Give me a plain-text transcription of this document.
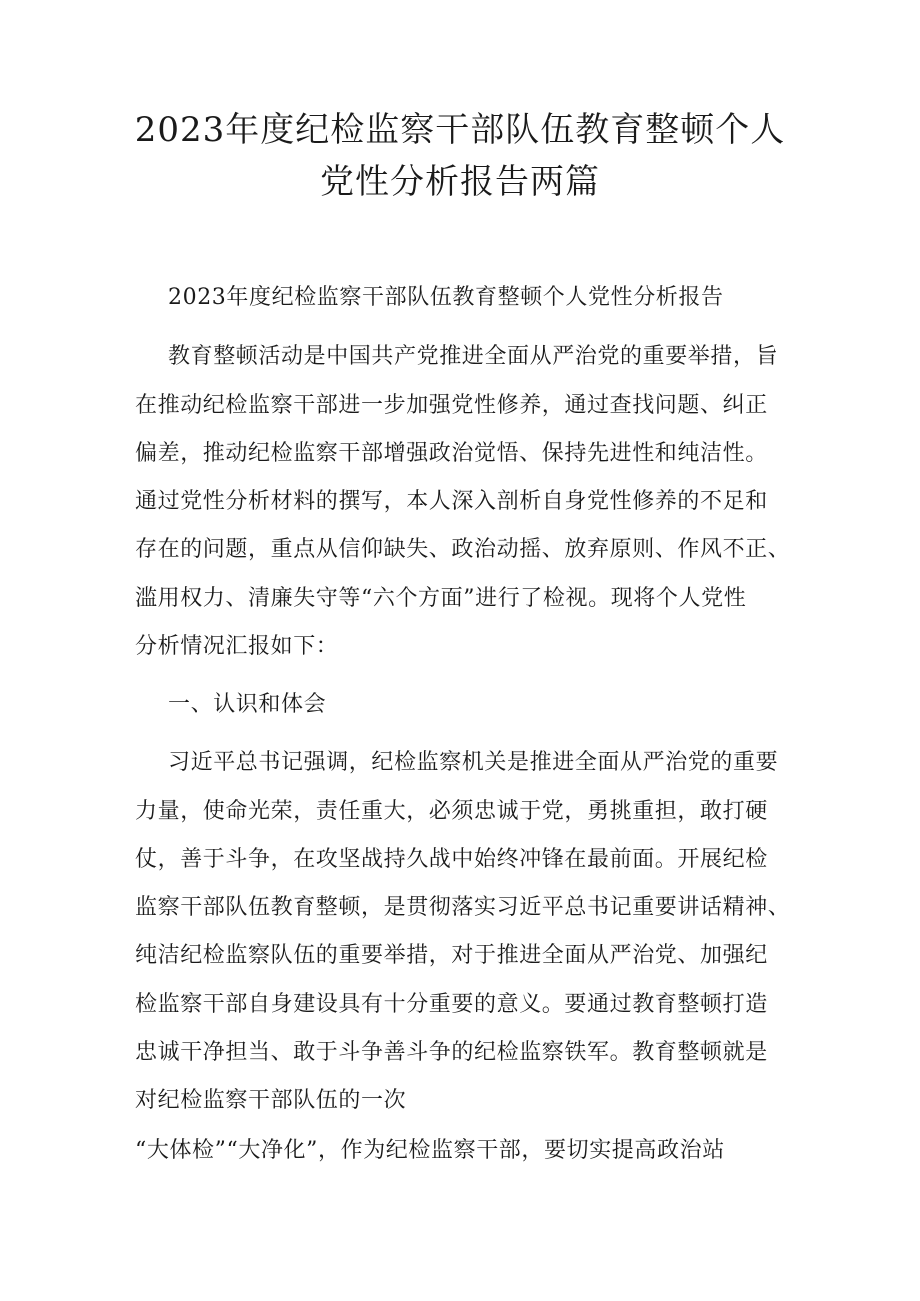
2023年度纪检监察干部队伍教育整顿个人
党性分析报告两篇
2023年度纪检监察干部队伍教育整顿个人党性分析报告
教育整顿活动是中国共产党推进全面从严治党的重要举措，旨
在推动纪检监察干部进一步加强党性修养，通过查找问题、纠正
偏差，推动纪检监察干部增强政治觉悟、保持先进性和纯洁性。
通过党性分析材料的撰写，本人深入剖析自身党性修养的不足和
存在的问题，重点从信仰缺失、政治动摇、放弃原则、作风不正、
滥用权力、清廉失守等“六个方面”进行了检视。现将个人党性
分析情况汇报如下：
一、认识和体会
习近平总书记强调，纪检监察机关是推进全面从严治党的重要
力量，使命光荣，责任重大，必须忠诚于党，勇挑重担，敢打硬
仗，善于斗争，在攻坚战持久战中始终冲锋在最前面。开展纪检
监察干部队伍教育整顿，是贯彻落实习近平总书记重要讲话精神、
纯洁纪检监察队伍的重要举措，对于推进全面从严治党、加强纪
检监察干部自身建设具有十分重要的意义。要通过教育整顿打造
忠诚干净担当、敢于斗争善斗争的纪检监察铁军。教育整顿就是
对纪检监察干部队伍的一次
“大体检”“大净化”，作为纪检监察干部，要切实提高政治站
